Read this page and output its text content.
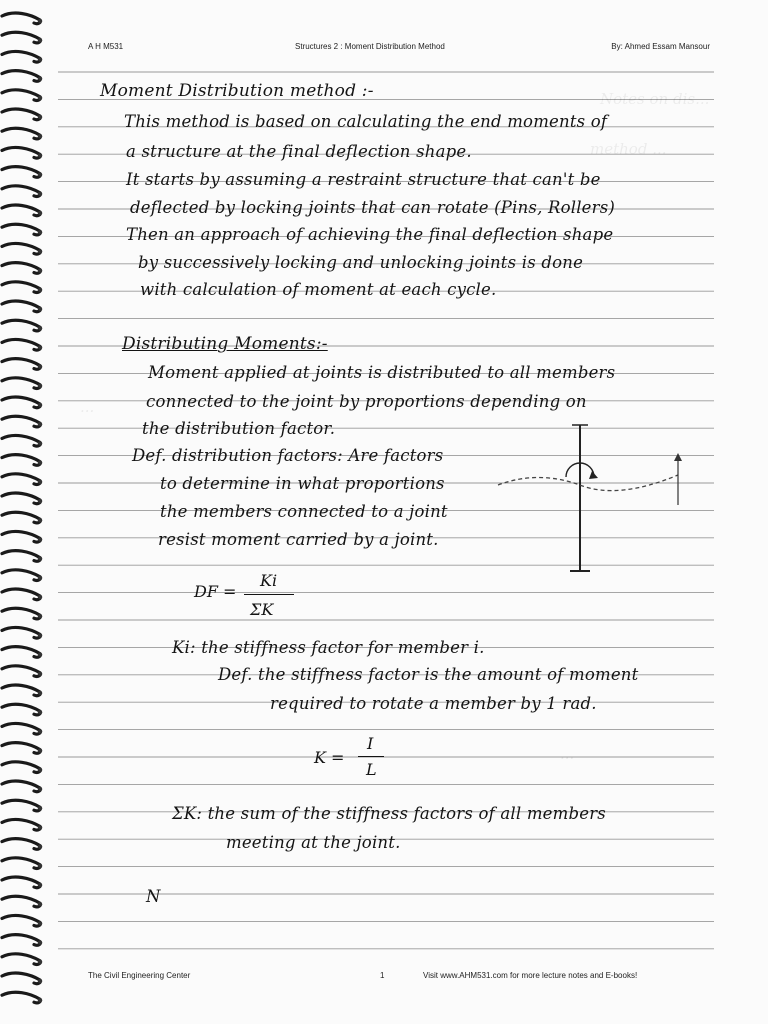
Notes on dis...
method ...
...
...
A H M531	Structures 2 : Moment Distribution Method	By: Ahmed Essam Mansour
Moment Distribution method :-
This method is based on calculating the end moments of
a structure at the final deflection shape.
It starts by assuming a restraint structure that can't be
deflected by locking joints that can rotate (Pins, Rollers)
Then an approach of achieving the final deflection shape
by successively locking and unlocking joints is done
with calculation of moment at each cycle.
Distributing Moments:-
Moment applied at joints is distributed to all members
connected to the joint by proportions depending on
the distribution factor.
Def. distribution factors: Are factors
to determine in what proportions
the members connected to a joint
resist moment carried by a joint.
DF =
Ki
ΣK
Ki: the stiffness factor for member i.
Def. the stiffness factor is the amount of moment
required to rotate a member by 1 rad.
K =
I
L
ΣK: the sum of the stiffness factors of all members
meeting at the joint.
N
The Civil Engineering Center	1	Visit www.AHM531.com for more lecture notes and E-books!
